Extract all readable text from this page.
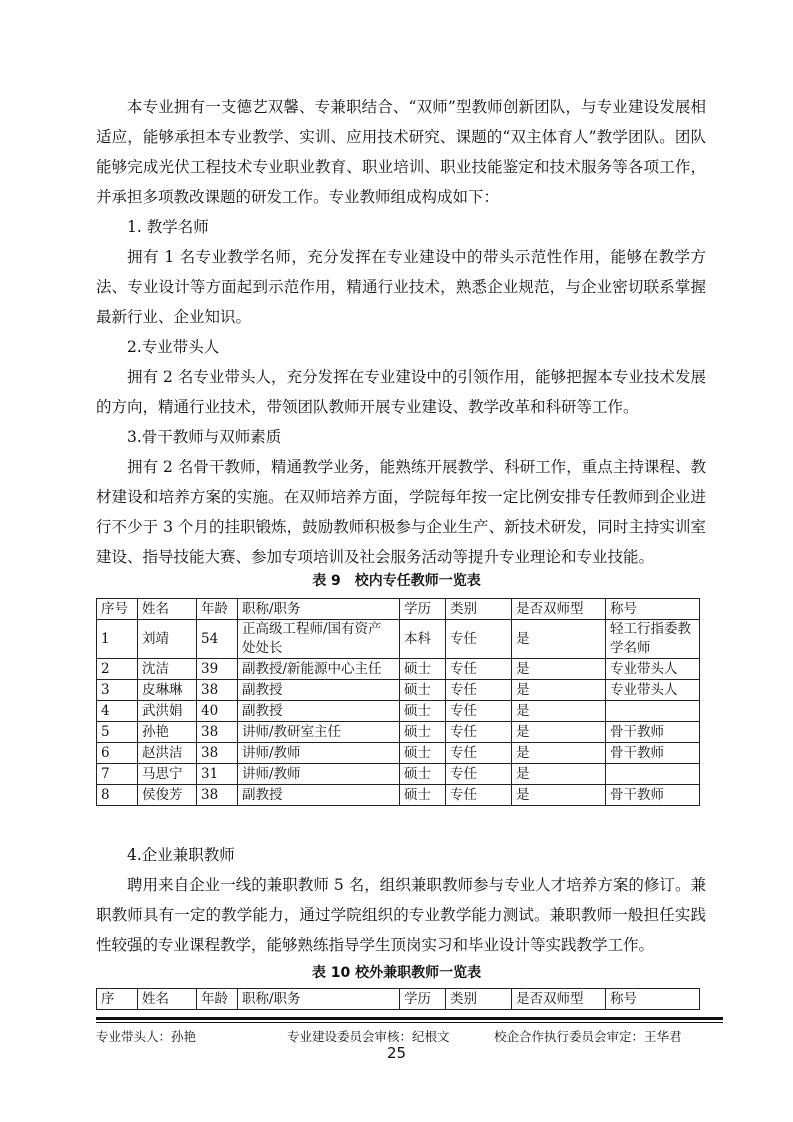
本专业拥有一支德艺双馨、专兼职结合、“双师”型教师创新团队，与专业建设发展相适应，能够承担本专业教学、实训、应用技术研究、课题的“双主体育人”教学团队。团队能够完成光伏工程技术专业职业教育、职业培训、职业技能鉴定和技术服务等各项工作，并承担多项教改课题的研发工作。专业教师组成构成如下：

1. 教学名师

拥有 1 名专业教学名师，充分发挥在专业建设中的带头示范性作用，能够在教学方法、专业设计等方面起到示范作用，精通行业技术，熟悉企业规范，与企业密切联系掌握最新行业、企业知识。

2.专业带头人

拥有 2 名专业带头人，充分发挥在专业建设中的引领作用，能够把握本专业技术发展的方向，精通行业技术，带领团队教师开展专业建设、教学改革和科研等工作。

3.骨干教师与双师素质

拥有 2 名骨干教师，精通教学业务，能熟练开展教学、科研工作，重点主持课程、教材建设和培养方案的实施。在双师培养方面，学院每年按一定比例安排专任教师到企业进行不少于 3 个月的挂职锻炼，鼓励教师积极参与企业生产、新技术研发，同时主持实训室建设、指导技能大赛、参加专项培训及社会服务活动等提升专业理论和专业技能。

表 9　校内专任教师一览表
序号	姓名	年龄	职称/职务	学历	类别	是否双师型	称号
1	刘靖	54	正高级工程师/国有资产处处长	本科	专任	是	轻工行指委教学名师
2	沈洁	39	副教授/新能源中心主任	硕士	专任	是	专业带头人
3	皮琳琳	38	副教授	硕士	专任	是	专业带头人
4	武洪娟	40	副教授	硕士	专任	是	
5	孙艳	38	讲师/教研室主任	硕士	专任	是	骨干教师
6	赵洪洁	38	讲师/教师	硕士	专任	是	骨干教师
7	马思宁	31	讲师/教师	硕士	专任	是	
8	侯俊芳	38	副教授	硕士	专任	是	骨干教师

4.企业兼职教师

聘用来自企业一线的兼职教师 5 名，组织兼职教师参与专业人才培养方案的修订。兼职教师具有一定的教学能力，通过学院组织的专业教学能力测试。兼职教师一般担任实践性较强的专业课程教学，能够熟练指导学生顶岗实习和毕业设计等实践教学工作。

表 10 校外兼职教师一览表
序	姓名	年龄	职称/职务	学历	类别	是否双师型	称号
专业带头人：孙艳	专业建设委员会审核：纪根文	校企合作执行委员会审定：王华君
25
